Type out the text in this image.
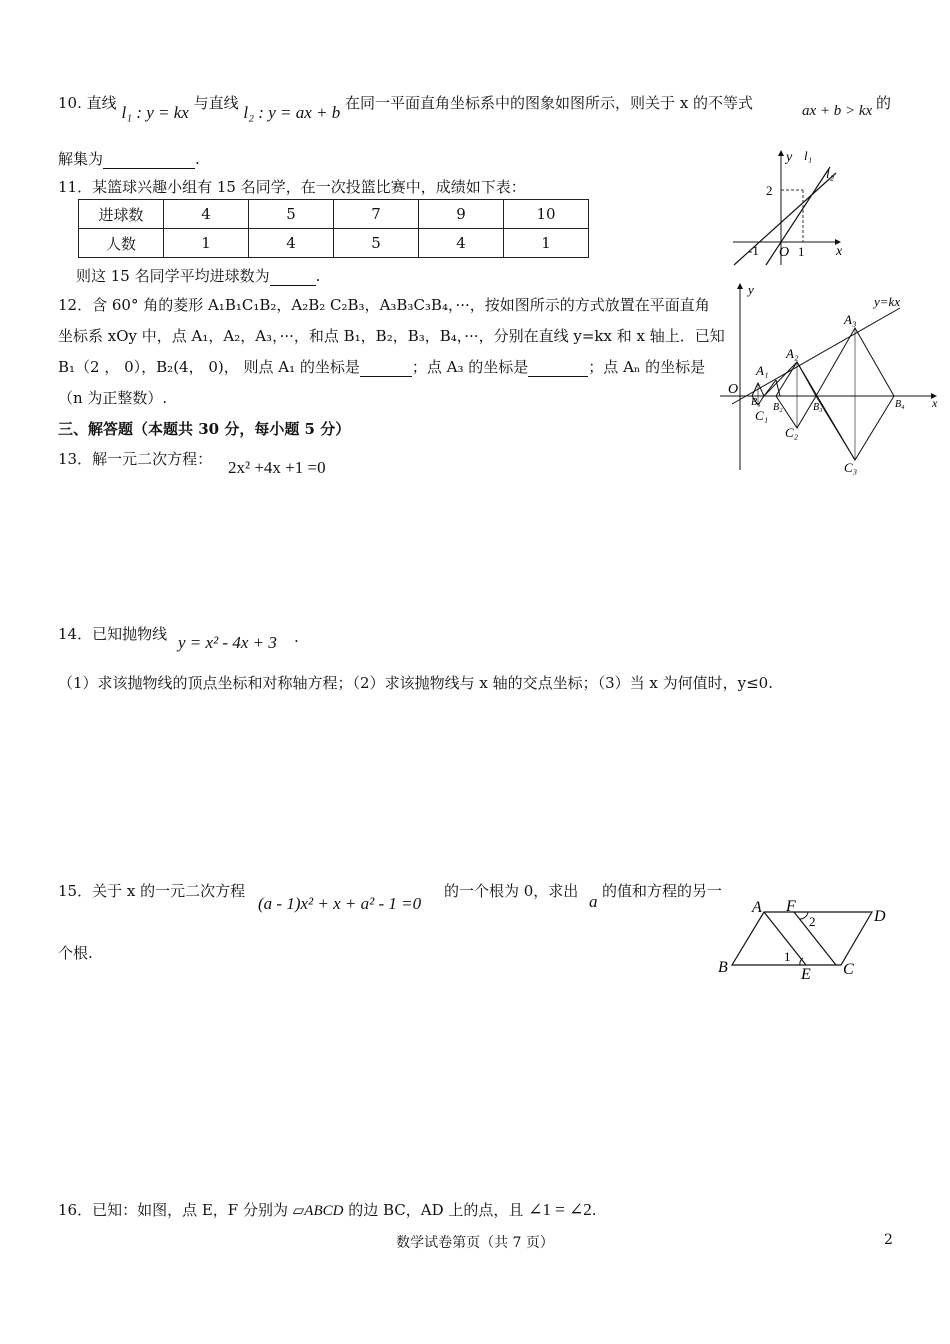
10. 直线 l₁ : y = kx 与直线 l₂ : y = ax + b 在同一平面直角坐标系中的图象如图所示，则关于 x 的不等式	ax + b > kx 的
解集为	.
11．某篮球兴趣小组有 15 名同学，在一次投篮比赛中，成绩如下表：
进球数	4	5	7	9	10
人数	1	4	5	4	1
则这 15 名同学平均进球数为	.
12．含 60° 角的菱形 A₁B₁C₁B₂，A₂B₂ C₂B₃，A₃B₃C₃B₄，···，按如图所示的方式放置在平面直角
坐标系 xOy 中，点 A₁，A₂，A₃，···，和点 B₁，B₂，B₃，B₄，···，分别在直线 y=kx 和 x 轴上．已知
B₁（2 ， 0），B₂(4， 0)， 则点 A₁ 的坐标是	；点 A₃ 的坐标是	；点 Aₙ 的坐标是
（n 为正整数）.
三、解答题（本题共 30 分，每小题 5 分）
13．解一元二次方程： 2x² +4x +1 =0
14．已知抛物线 y = x² - 4x + 3 .
（1）求该抛物线的顶点坐标和对称轴方程；（2）求该抛物线与 x 轴的交点坐标；（3）当 x 为何值时，y≤0.
15．关于 x 的一元二次方程
(a - 1)x² + x + a² - 1 =0
的一个根为 0，求出
a
的值和方程的另一
个根.
16．已知：如图，点 E，F 分别为 ▱ABCD 的边 BC，AD 上的点，且 ∠1 = ∠2.
数学试卷第页（共 7 页）	2
y
x
l₁
l₂
2
-1 O 1
y
x
O
y=kx
A₁
A₂
A₃
B₁ B₂	B₃	B₄
C₁
C₂
C₃
A F
D
B	E C
1
2
